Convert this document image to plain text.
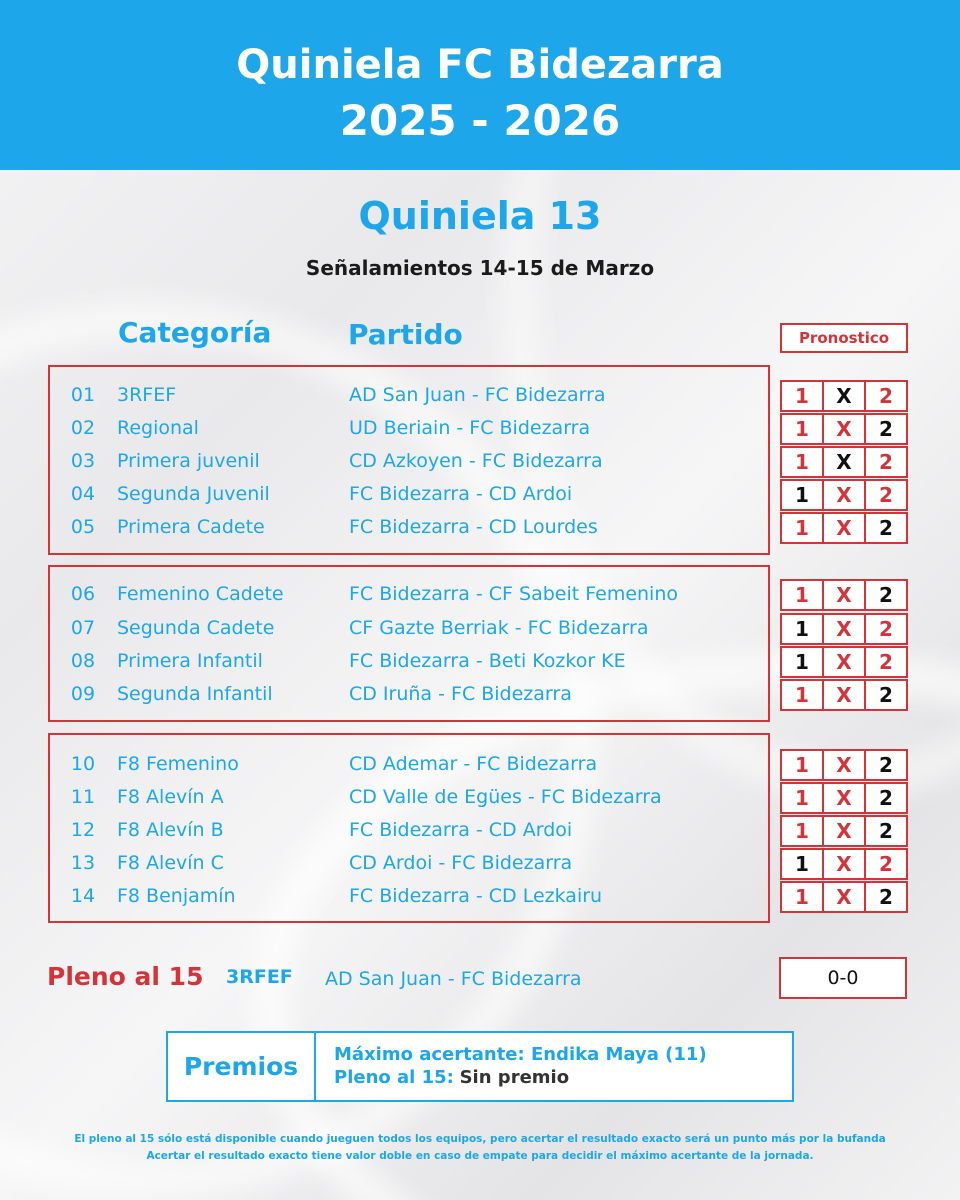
Quiniela FC Bidezarra
2025 - 2026
Quiniela 13
Señalamientos 14-15 de Marzo
Categoría	Partido	Pronostico
01	3RFEF	AD San Juan - FC Bidezarra	1	X	2
02	Regional	UD Beriain - FC Bidezarra	1	X	2
03	Primera juvenil	CD Azkoyen - FC Bidezarra	1	X	2
04	Segunda Juvenil	FC Bidezarra - CD Ardoi	1	X	2
05	Primera Cadete	FC Bidezarra - CD Lourdes	1	X	2
06	Femenino Cadete	FC Bidezarra - CF Sabeit Femenino	1	X	2
07	Segunda Cadete	CF Gazte Berriak - FC Bidezarra	1	X	2
08	Primera Infantil	FC Bidezarra - Beti Kozkor KE	1	X	2
09	Segunda Infantil	CD Iruña - FC Bidezarra	1	X	2
10	F8 Femenino	CD Ademar - FC Bidezarra	1	X	2
11	F8 Alevín A	CD Valle de Egües - FC Bidezarra	1	X	2
12	F8 Alevín B	FC Bidezarra - CD Ardoi	1	X	2
13	F8 Alevín C	CD Ardoi - FC Bidezarra	1	X	2
14	F8 Benjamín	FC Bidezarra - CD Lezkairu	1	X	2
Pleno al 15 3RFEF AD San Juan - FC Bidezarra	0-0
Premios	Máximo acertante: Endika Maya (11)
Pleno al 15: Sin premio
El pleno al 15 sólo está disponible cuando jueguen todos los equipos, pero acertar el resultado exacto será un punto más por la bufanda
Acertar el resultado exacto tiene valor doble en caso de empate para decidir el máximo acertante de la jornada.
